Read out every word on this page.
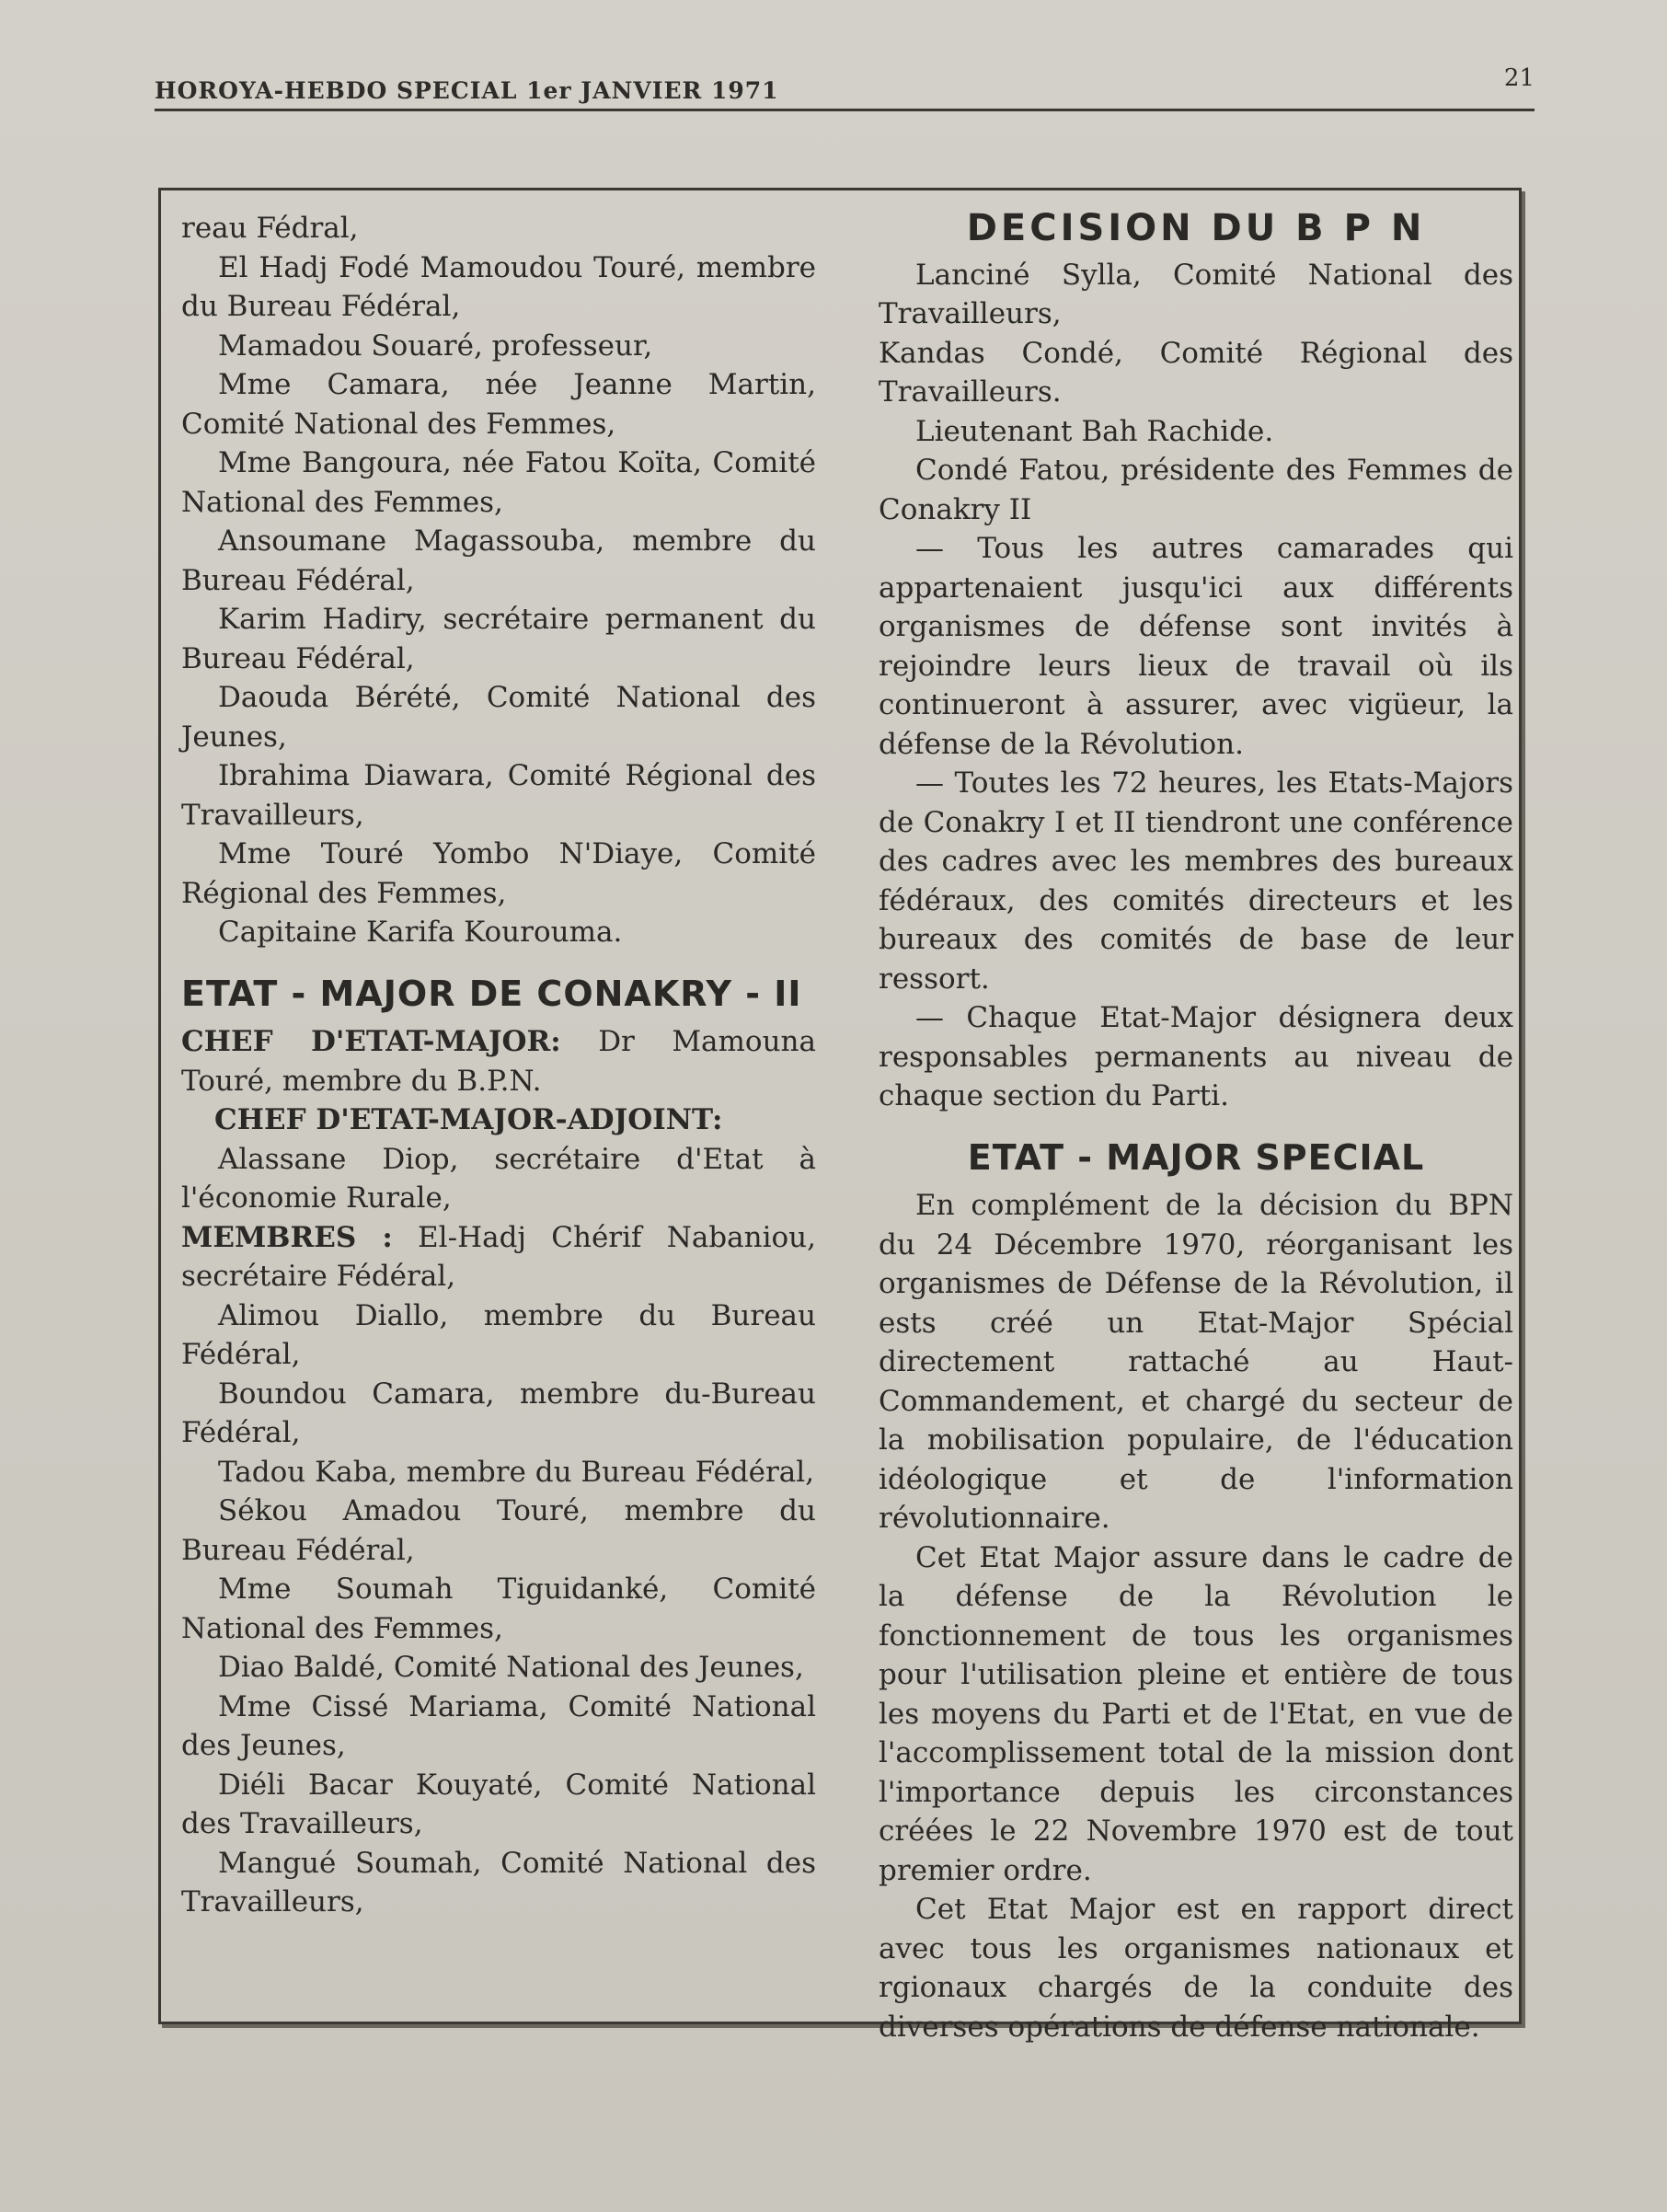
HOROYA-HEBDO SPECIAL 1er JANVIER 1971	21

reau Fédral,

El Hadj Fodé Mamoudou Touré, membre du Bureau Fédéral,

Mamadou Souaré, professeur,

Mme Camara, née Jeanne Martin, Comité National des Femmes,

Mme Bangoura, née Fatou Koïta, Comité National des Femmes,

Ansoumane Magassouba, membre du Bureau Fédéral,

Karim Hadiry, secrétaire permanent du Bureau Fédéral,

Daouda Bérété, Comité National des Jeunes,

Ibrahima Diawara, Comité Régional des Travailleurs,

Mme Touré Yombo N'Diaye, Comité Régional des Femmes,

Capitaine Karifa Kourouma.

ETAT - MAJOR DE CONAKRY - II

CHEF D'ETAT-MAJOR: Dr Mamouna Touré, membre du B.P.N.

CHEF D'ETAT-MAJOR-ADJOINT:

Alassane Diop, secrétaire d'Etat à l'économie Rurale,

MEMBRES : El-Hadj Chérif Nabaniou, secrétaire Fédéral,

Alimou Diallo, membre du Bureau Fédéral,

Boundou Camara, membre du-Bureau Fédéral,

Tadou Kaba, membre du Bureau Fédéral,

Sékou Amadou Touré, membre du Bureau Fédéral,

Mme Soumah Tiguidanké, Comité National des Femmes,

Diao Baldé, Comité National des Jeunes,

Mme Cissé Mariama, Comité National des Jeunes,

Diéli Bacar Kouyaté, Comité National des Travailleurs,

Mangué Soumah, Comité National des Travailleurs,

DECISION DU B P N

Lanciné Sylla, Comité National des Travailleurs,

Kandas Condé, Comité Régional des Travailleurs.

Lieutenant Bah Rachide.

Condé Fatou, présidente des Femmes de Conakry II

— Tous les autres camarades qui appartenaient jusqu'ici aux différents organismes de défense sont invités à rejoindre leurs lieux de travail où ils continueront à assurer, avec vigüeur, la défense de la Révolution.

— Toutes les 72 heures, les Etats-Majors de Conakry I et II tiendront une conférence des cadres avec les membres des bureaux fédéraux, des comités directeurs et les bureaux des comités de base de leur ressort.

— Chaque Etat-Major désignera deux responsables permanents au niveau de chaque section du Parti.

ETAT - MAJOR SPECIAL

En complément de la décision du BPN du 24 Décembre 1970, réorganisant les organismes de Défense de la Révolution, il ests créé un Etat-Major Spécial directement rattaché au Haut-Commandement, et chargé du secteur de la mobilisation populaire, de l'éducation idéologique et de l'information révolutionnaire.

Cet Etat Major assure dans le cadre de la défense de la Révolution le fonctionnement de tous les organismes pour l'utilisation pleine et entière de tous les moyens du Parti et de l'Etat, en vue de l'accomplissement total de la mission dont l'importance depuis les circonstances créées le 22 Novembre 1970 est de tout premier ordre.

Cet Etat Major est en rapport direct avec tous les organismes nationaux et rgionaux chargés de la conduite des diverses opérations de défense nationale.
